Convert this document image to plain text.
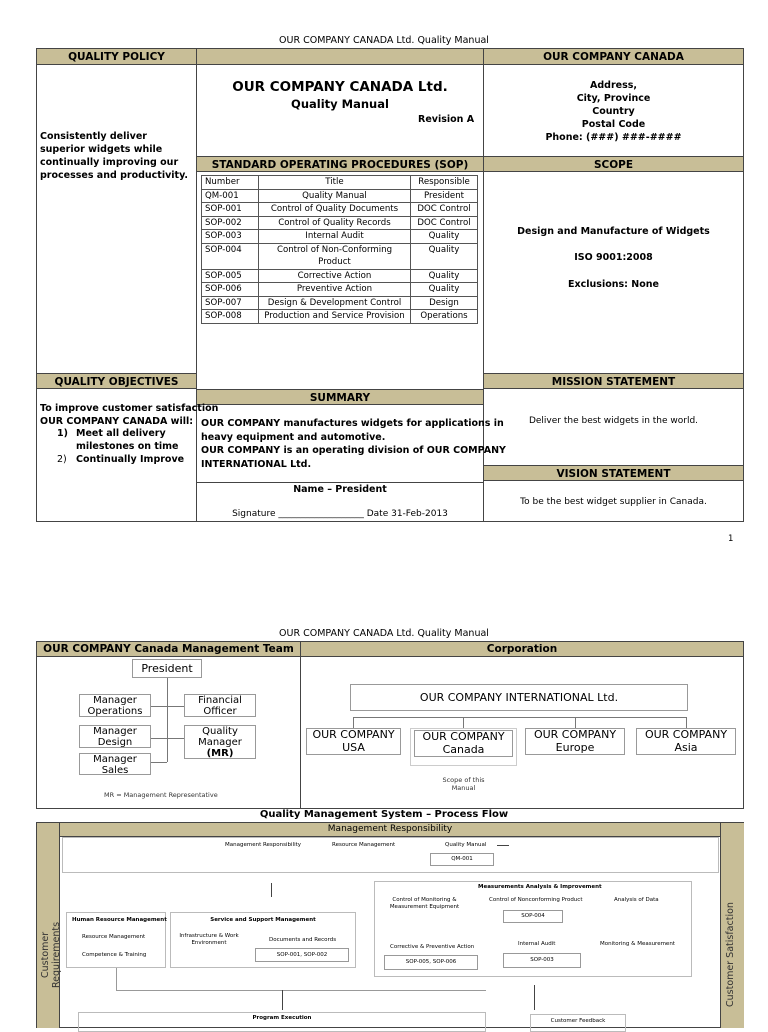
OUR COMPANY CANADA Ltd. Quality Manual
QUALITY POLICY	OUR COMPANY CANADA
Consistently deliver superior widgets while continually improving our processes and productivity.
OUR COMPANY CANADA Ltd.
Quality Manual
Revision A
Address,
City, Province
Country
Postal Code
Phone: (###) ###-####
STANDARD OPERATING PROCEDURES (SOP)	SCOPE
Number	Title	Responsible
QM-001	Quality Manual	President
SOP-001	Control of Quality Documents	DOC Control
SOP-002	Control of Quality Records	DOC Control
SOP-003	Internal Audit	Quality
SOP-004	Control of Non-Conforming Product	Quality
SOP-005	Corrective Action	Quality
SOP-006	Preventive Action	Quality
SOP-007	Design & Development Control	Design
SOP-008	Production and Service Provision	Operations
Design and Manufacture of Widgets
ISO 9001:2008
Exclusions: None
QUALITY OBJECTIVES	MISSION STATEMENT
SUMMARY
To improve customer satisfaction
OUR COMPANY CANADA will:
1) Meet all delivery
milestones on time
2) Continually Improve
OUR COMPANY manufactures widgets for applications in
heavy equipment and automotive.
OUR COMPANY is an operating division of OUR COMPANY
INTERNATIONAL Ltd.
Deliver the best widgets in the world.
VISION STATEMENT
To be the best widget supplier in Canada.
Name – President
Signature ___________________ Date 31-Feb-2013
1
OUR COMPANY CANADA Ltd. Quality Manual
OUR COMPANY Canada Management Team	Corporation
President
Manager
Operations
Financial
Officer
Manager
Design
Quality
Manager
(MR)
Manager
Sales
MR = Management Representative
OUR COMPANY INTERNATIONAL Ltd.
OUR COMPANY
USA
OUR COMPANY
Canada
OUR COMPANY
Europe
OUR COMPANY
Asia
Scope of this
Manual
Quality Management System – Process Flow
Customer Requirements	Customer Satisfaction
Management Responsibility
Management Responsibility	Resource Management	Quality Manual
QM-001
Measurements Analysis & Improvement
Control of Monitoring &
Measurement Equipment
Control of Nonconforming Product
SOP-004
Analysis of Data
Corrective & Preventive Action
SOP-005, SOP-006
Internal Audit
SOP-003
Monitoring & Measurement
Human Resource Management
Resource Management
Competence & Training
Service and Support Management
Infrastructure & Work
Environment	Documents and Records
SOP-001, SOP-002
Program Execution	Customer Feedback
